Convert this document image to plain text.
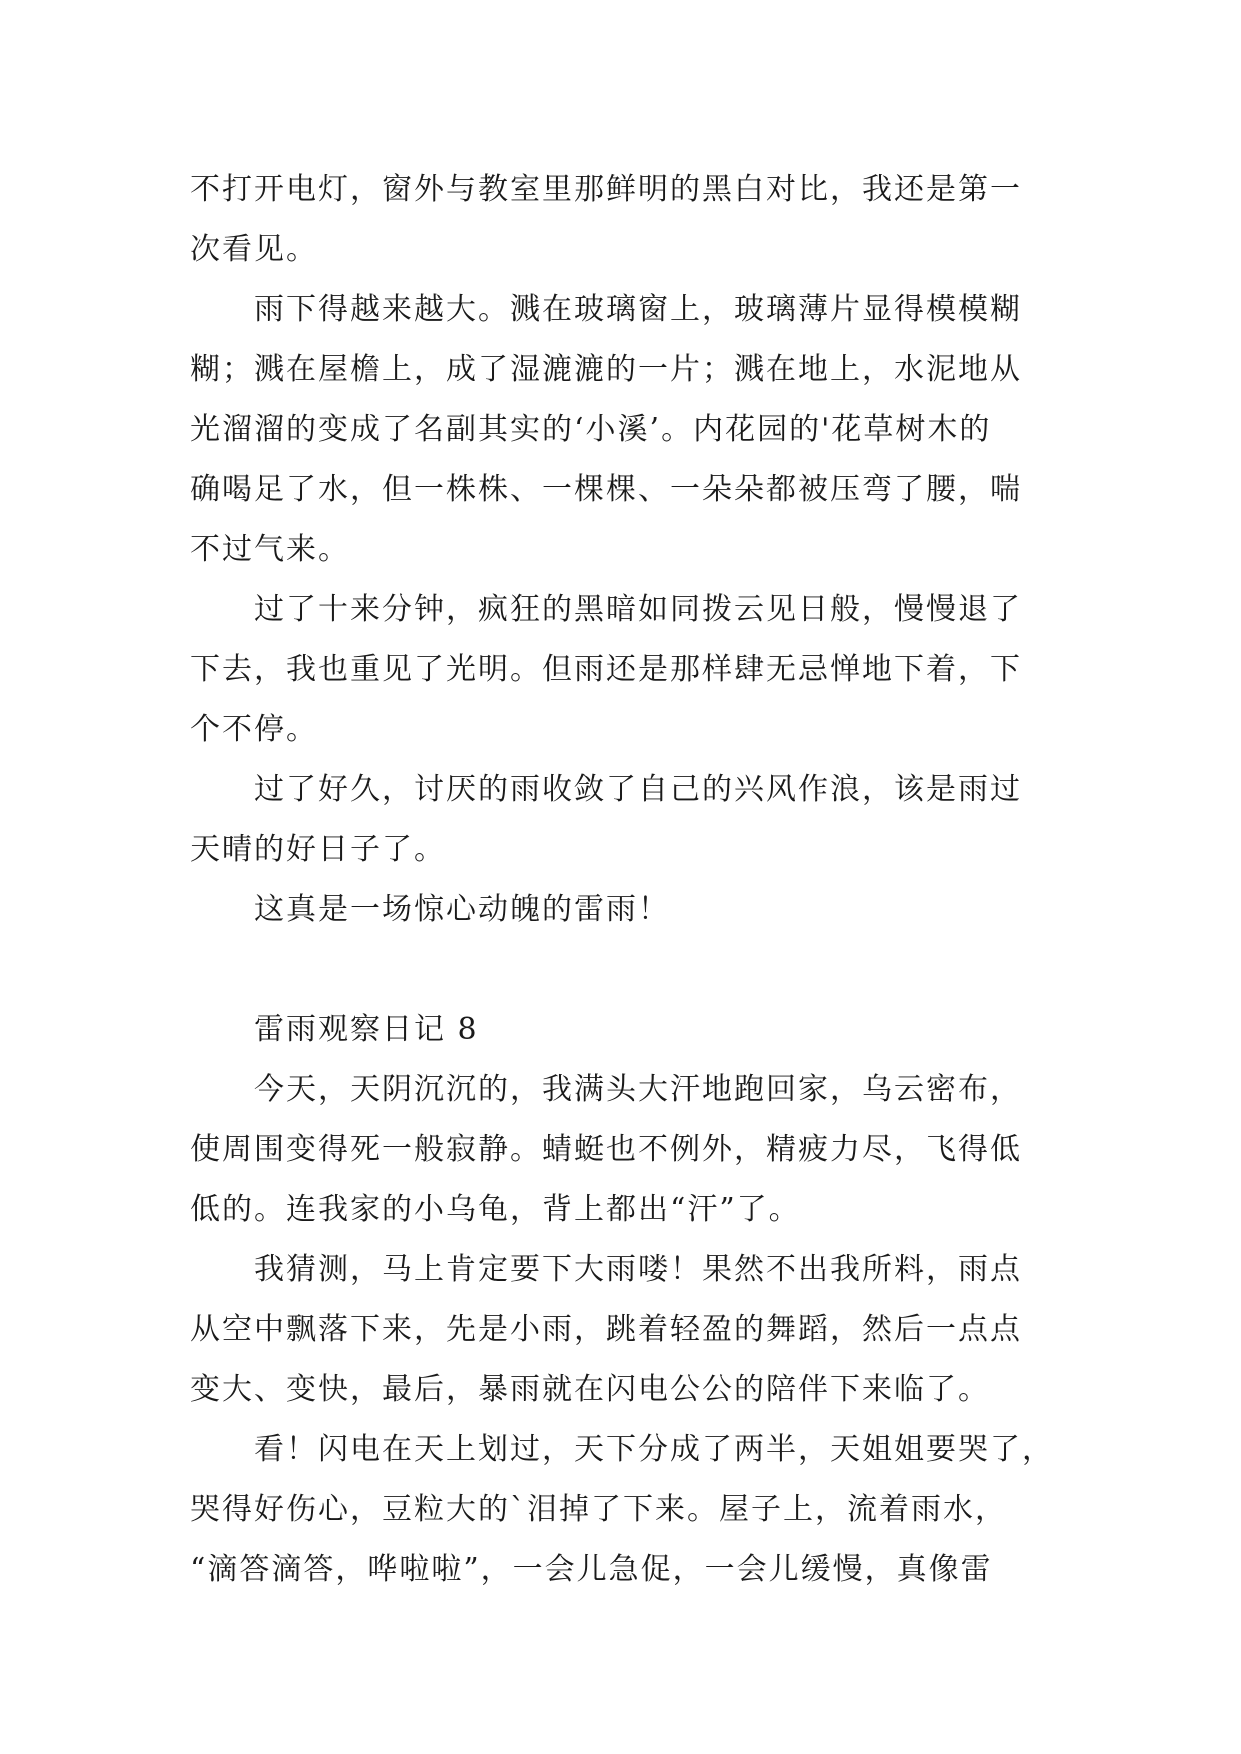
不打开电灯，窗外与教室里那鲜明的黑白对比，我还是第一
次看见。
雨下得越来越大。溅在玻璃窗上，玻璃薄片显得模模糊
糊；溅在屋檐上，成了湿漉漉的一片；溅在地上，水泥地从
光溜溜的变成了名副其实的‘小溪’。内花园的'花草树木的
确喝足了水，但一株株、一棵棵、一朵朵都被压弯了腰，喘
不过气来。
过了十来分钟，疯狂的黑暗如同拨云见日般，慢慢退了
下去，我也重见了光明。但雨还是那样肆无忌惮地下着，下
个不停。
过了好久，讨厌的雨收敛了自己的兴风作浪，该是雨过
天晴的好日子了。
这真是一场惊心动魄的雷雨！
雷雨观察日记 8
今天，天阴沉沉的，我满头大汗地跑回家，乌云密布，
使周围变得死一般寂静。蜻蜓也不例外，精疲力尽，飞得低
低的。连我家的小乌龟，背上都出“汗”了。
我猜测，马上肯定要下大雨喽！果然不出我所料，雨点
从空中飘落下来，先是小雨，跳着轻盈的舞蹈，然后一点点
变大、变快，最后，暴雨就在闪电公公的陪伴下来临了。
看！闪电在天上划过，天下分成了两半，天姐姐要哭了，
哭得好伤心，豆粒大的`泪掉了下来。屋子上，流着雨水，
“滴答滴答，哗啦啦”，一会儿急促，一会儿缓慢，真像雷
